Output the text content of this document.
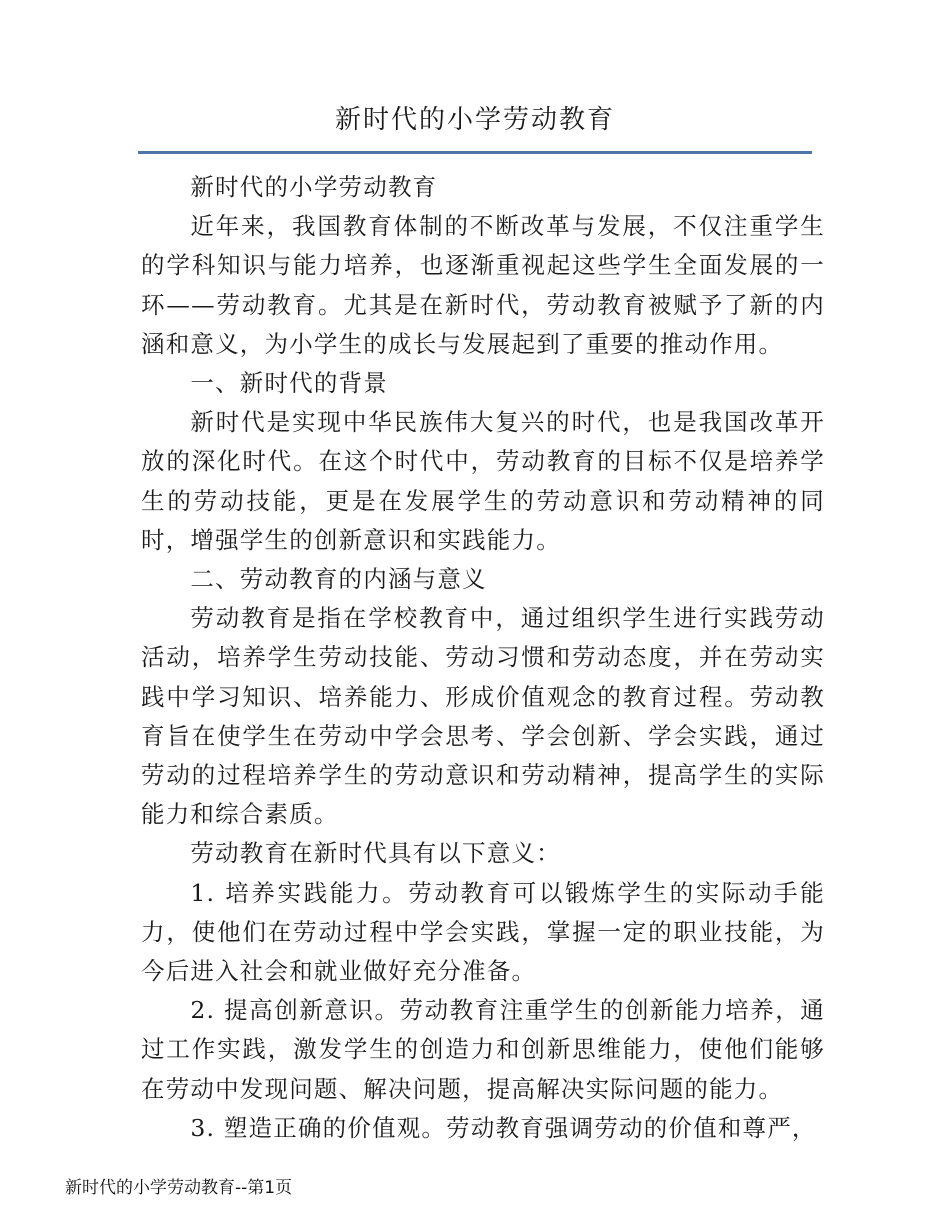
新时代的小学劳动教育

新时代的小学劳动教育

近年来，我国教育体制的不断改革与发展，不仅注重学生的学科知识与能力培养，也逐渐重视起这些学生全面发展的一环——劳动教育。尤其是在新时代，劳动教育被赋予了新的内涵和意义，为小学生的成长与发展起到了重要的推动作用。

一、新时代的背景

新时代是实现中华民族伟大复兴的时代，也是我国改革开放的深化时代。在这个时代中，劳动教育的目标不仅是培养学生的劳动技能，更是在发展学生的劳动意识和劳动精神的同时，增强学生的创新意识和实践能力。

二、劳动教育的内涵与意义

劳动教育是指在学校教育中，通过组织学生进行实践劳动活动，培养学生劳动技能、劳动习惯和劳动态度，并在劳动实践中学习知识、培养能力、形成价值观念的教育过程。劳动教育旨在使学生在劳动中学会思考、学会创新、学会实践，通过劳动的过程培养学生的劳动意识和劳动精神，提高学生的实际能力和综合素质。

劳动教育在新时代具有以下意义：

1. 培养实践能力。劳动教育可以锻炼学生的实际动手能力，使他们在劳动过程中学会实践，掌握一定的职业技能，为今后进入社会和就业做好充分准备。

2. 提高创新意识。劳动教育注重学生的创新能力培养，通过工作实践，激发学生的创造力和创新思维能力，使他们能够在劳动中发现问题、解决问题，提高解决实际问题的能力。

3. 塑造正确的价值观。劳动教育强调劳动的价值和尊严，

新时代的小学劳动教育--第1页
